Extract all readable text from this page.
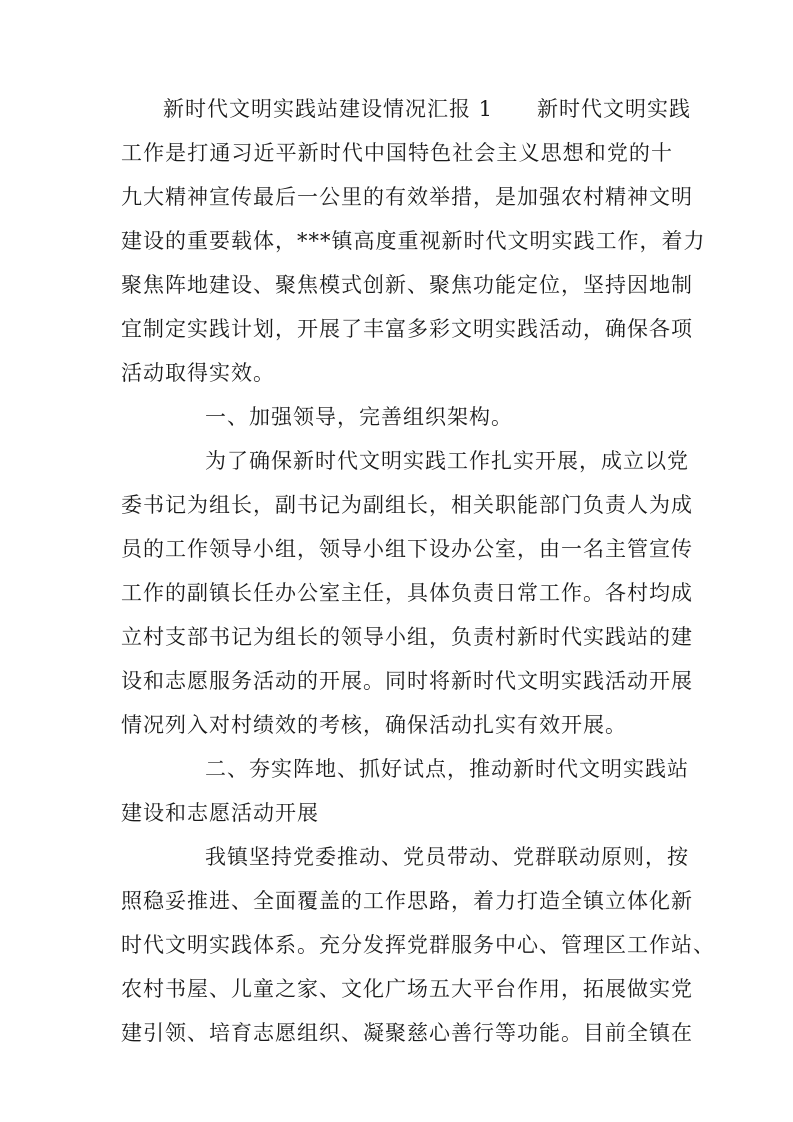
新时代文明实践站建设情况汇报 1　　新时代文明实践
工作是打通习近平新时代中国特色社会主义思想和党的十
九大精神宣传最后一公里的有效举措，是加强农村精神文明
建设的重要载体，***镇高度重视新时代文明实践工作，着力
聚焦阵地建设、聚焦模式创新、聚焦功能定位，坚持因地制
宜制定实践计划，开展了丰富多彩文明实践活动，确保各项
活动取得实效。
一、加强领导，完善组织架构。
为了确保新时代文明实践工作扎实开展，成立以党
委书记为组长，副书记为副组长，相关职能部门负责人为成
员的工作领导小组，领导小组下设办公室，由一名主管宣传
工作的副镇长任办公室主任，具体负责日常工作。各村均成
立村支部书记为组长的领导小组，负责村新时代实践站的建
设和志愿服务活动的开展。同时将新时代文明实践活动开展
情况列入对村绩效的考核，确保活动扎实有效开展。
二、夯实阵地、抓好试点，推动新时代文明实践站
建设和志愿活动开展
我镇坚持党委推动、党员带动、党群联动原则，按
照稳妥推进、全面覆盖的工作思路，着力打造全镇立体化新
时代文明实践体系。充分发挥党群服务中心、管理区工作站、
农村书屋、儿童之家、文化广场五大平台作用，拓展做实党
建引领、培育志愿组织、凝聚慈心善行等功能。目前全镇在
